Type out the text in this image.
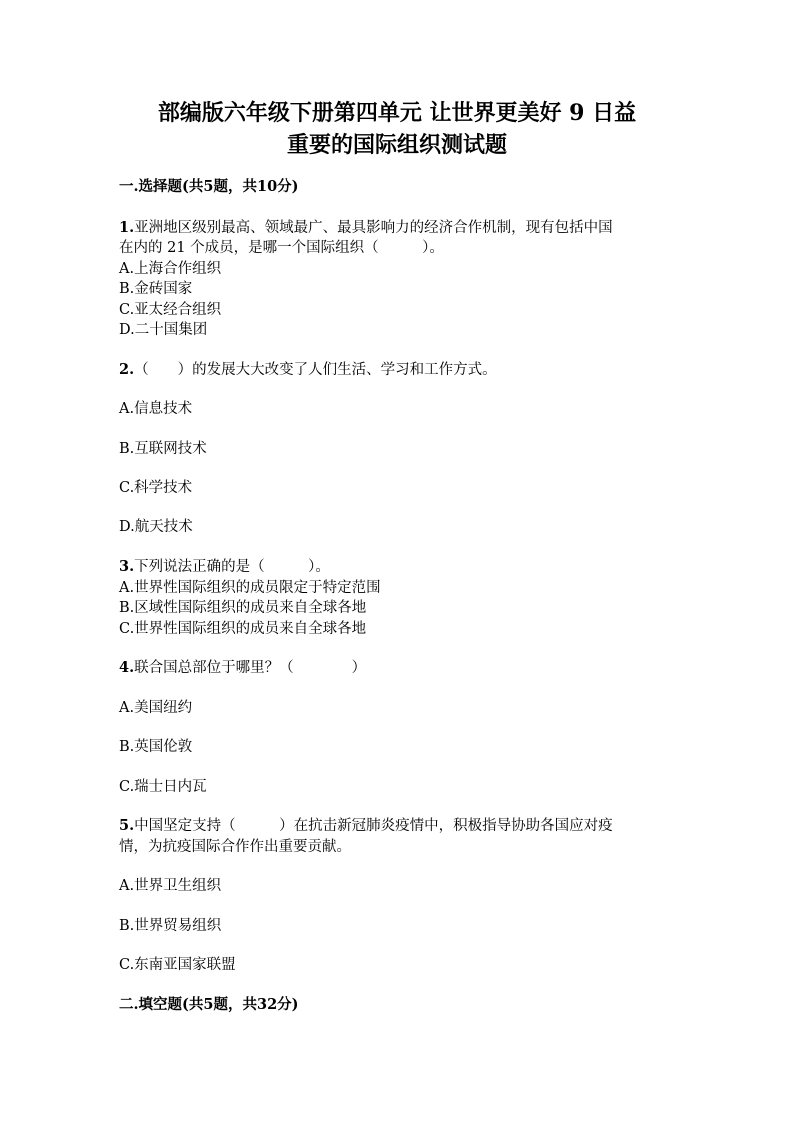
部编版六年级下册第四单元 让世界更美好 9 日益
重要的国际组织测试题
一.选择题(共5题，共10分)
1.亚洲地区级别最高、领域最广、最具影响力的经济合作机制，现有包括中国
在内的 21 个成员，是哪一个国际组织（　　　）。
A.上海合作组织
B.金砖国家
C.亚太经合组织
D.二十国集团
2.（　　）的发展大大改变了人们生活、学习和工作方式。
A.信息技术
B.互联网技术
C.科学技术
D.航天技术
3.下列说法正确的是（　　　）。
A.世界性国际组织的成员限定于特定范围
B.区域性国际组织的成员来自全球各地
C.世界性国际组织的成员来自全球各地
4.联合国总部位于哪里？（　　　　）
A.美国纽约
B.英国伦敦
C.瑞士日内瓦
5.中国坚定支持（　　　）在抗击新冠肺炎疫情中，积极指导协助各国应对疫
情，为抗疫国际合作作出重要贡献。
A.世界卫生组织
B.世界贸易组织
C.东南亚国家联盟
二.填空题(共5题，共32分)
